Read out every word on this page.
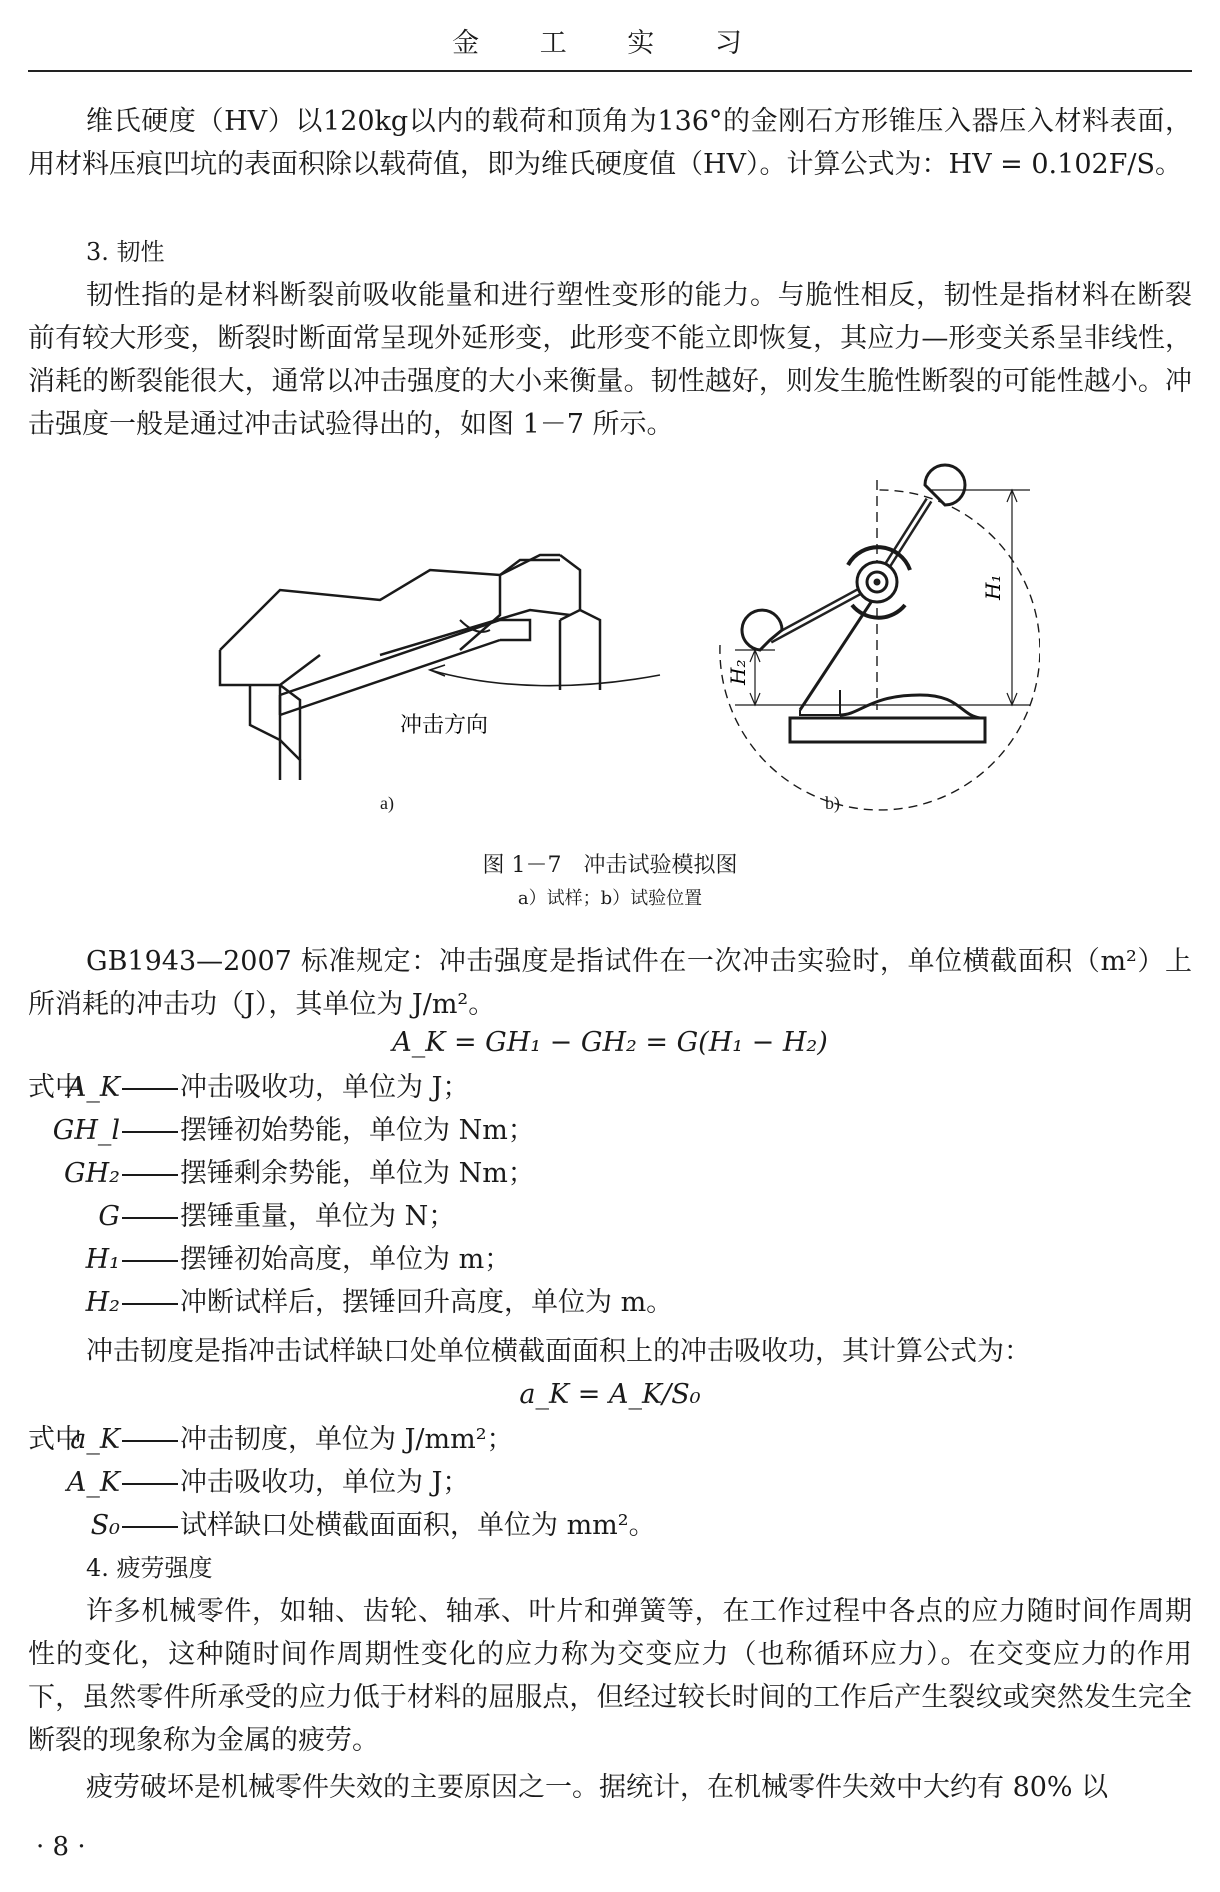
金 工 实 习

维氏硬度（HV）以120kg以内的载荷和顶角为136°的金刚石方形锥压入器压入材料表面，用材料压痕凹坑的表面积除以载荷值，即为维氏硬度值（HV）。计算公式为：HV = 0.102F/S。

3. 韧性

韧性指的是材料断裂前吸收能量和进行塑性变形的能力。与脆性相反，韧性是指材料在断裂前有较大形变，断裂时断面常呈现外延形变，此形变不能立即恢复，其应力—形变关系呈非线性，消耗的断裂能很大，通常以冲击强度的大小来衡量。韧性越好，则发生脆性断裂的可能性越小。冲击强度一般是通过冲击试验得出的，如图 1－7 所示。

冲击方向
H₁
H₂
a)	b)

图 1－7　冲击试验模拟图

a）试样；b）试验位置

GB1943—2007 标准规定：冲击强度是指试件在一次冲击实验时，单位横截面积（m²）上所消耗的冲击功（J），其单位为 J/m²。

A_K = GH₁ − GH₂ = G(H₁ − H₂)

式中
A_K 冲击吸收功，单位为 J；
GH_l 摆锤初始势能，单位为 Nm；
GH₂ 摆锤剩余势能，单位为 Nm；
G 摆锤重量，单位为 N；
H₁ 摆锤初始高度，单位为 m；
H₂ 冲断试样后，摆锤回升高度，单位为 m。

冲击韧度是指冲击试样缺口处单位横截面面积上的冲击吸收功，其计算公式为：

a_K = A_K/S₀

式中
a_K 冲击韧度，单位为 J/mm²；
A_K 冲击吸收功，单位为 J；
S₀ 试样缺口处横截面面积，单位为 mm²。

4. 疲劳强度

许多机械零件，如轴、齿轮、轴承、叶片和弹簧等，在工作过程中各点的应力随时间作周期性的变化，这种随时间作周期性变化的应力称为交变应力（也称循环应力）。在交变应力的作用下，虽然零件所承受的应力低于材料的屈服点，但经过较长时间的工作后产生裂纹或突然发生完全断裂的现象称为金属的疲劳。

疲劳破坏是机械零件失效的主要原因之一。据统计，在机械零件失效中大约有 80% 以

· 8 ·
